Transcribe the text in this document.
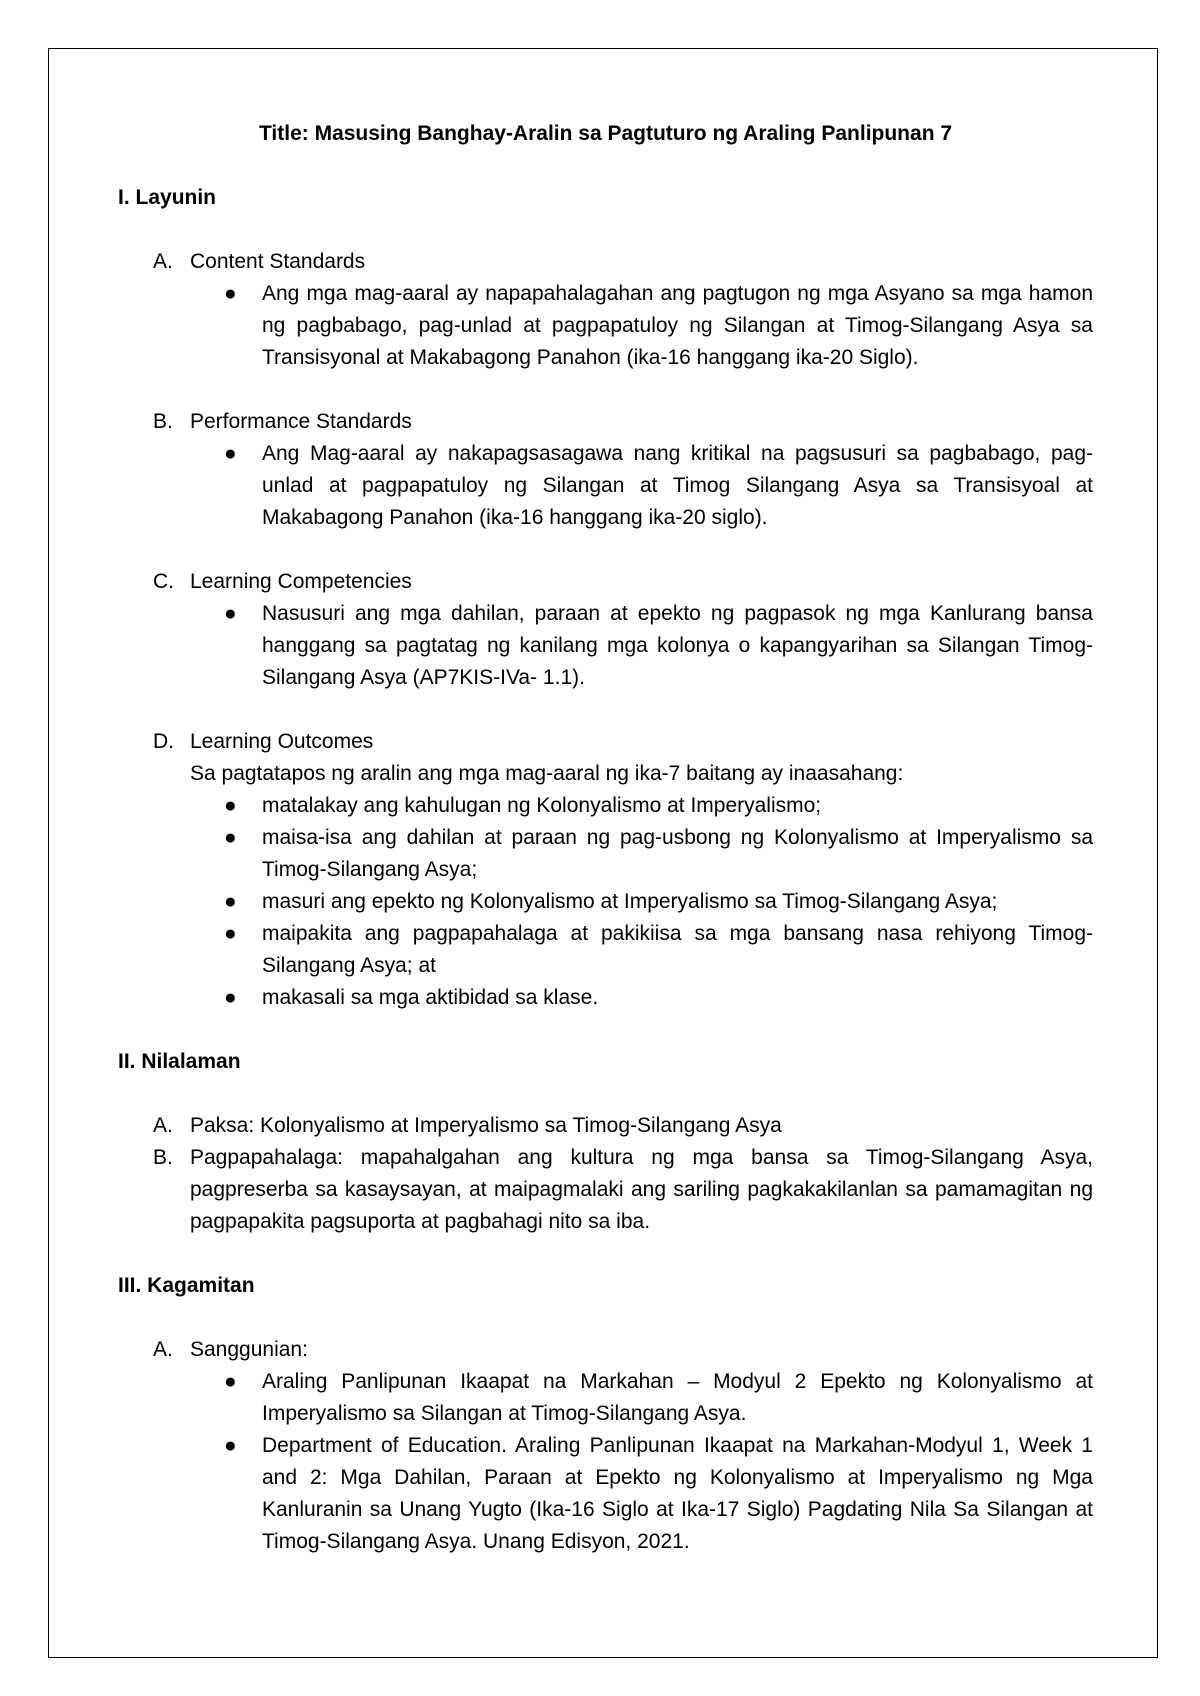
Title: Masusing Banghay-Aralin sa Pagtuturo ng Araling Panlipunan 7

I. Layunin

A. Content Standards

●	Ang mga mag-aaral ay napapahalagahan ang pagtugon ng mga Asyano sa mga hamon ng pagbabago, pag-unlad at pagpapatuloy ng Silangan at Timog-Silangang Asya sa Transisyonal at Makabagong Panahon (ika-16 hanggang ika-20 Siglo).
B. Performance Standards

●	Ang Mag-aaral ay nakapagsasagawa nang kritikal na pagsusuri sa pagbabago, pag-unlad at pagpapatuloy ng Silangan at Timog Silangang Asya sa Transisyoal at Makabagong Panahon (ika-16 hanggang ika-20 siglo).
C. Learning Competencies

●	Nasusuri ang mga dahilan, paraan at epekto ng pagpasok ng mga Kanlurang bansa hanggang sa pagtatag ng kanilang mga kolonya o kapangyarihan sa Silangan Timog-Silangang Asya (AP7KIS-IVa- 1.1).
D. Learning Outcomes

Sa pagtatapos ng aralin ang mga mag-aaral ng ika-7 baitang ay inaasahang:

●	matalakay ang kahulugan ng Kolonyalismo at Imperyalismo;
●	maisa-isa ang dahilan at paraan ng pag-usbong ng Kolonyalismo at Imperyalismo sa Timog-Silangang Asya;
●	masuri ang epekto ng Kolonyalismo at Imperyalismo sa Timog-Silangang Asya;
●	maipakita ang pagpapahalaga at pakikiisa sa mga bansang nasa rehiyong Timog-Silangang Asya; at
●	makasali sa mga aktibidad sa klase.

II. Nilalaman

A. Paksa: Kolonyalismo at Imperyalismo sa Timog-Silangang Asya

B. Pagpapahalaga: mapahalgahan ang kultura ng mga bansa sa Timog-Silangang Asya, pagpreserba sa kasaysayan, at maipagmalaki ang sariling pagkakakilanlan sa pamamagitan ng pagpapakita pagsuporta at pagbahagi nito sa iba.

III. Kagamitan

A. Sanggunian:

●	Araling Panlipunan Ikaapat na Markahan – Modyul 2 Epekto ng Kolonyalismo at Imperyalismo sa Silangan at Timog-Silangang Asya.
●	Department of Education. Araling Panlipunan Ikaapat na Markahan-Modyul 1, Week 1 and 2: Mga Dahilan, Paraan at Epekto ng Kolonyalismo at Imperyalismo ng Mga Kanluranin sa Unang Yugto (Ika-16 Siglo at Ika-17 Siglo) Pagdating Nila Sa Silangan at Timog-Silangang Asya. Unang Edisyon, 2021.
